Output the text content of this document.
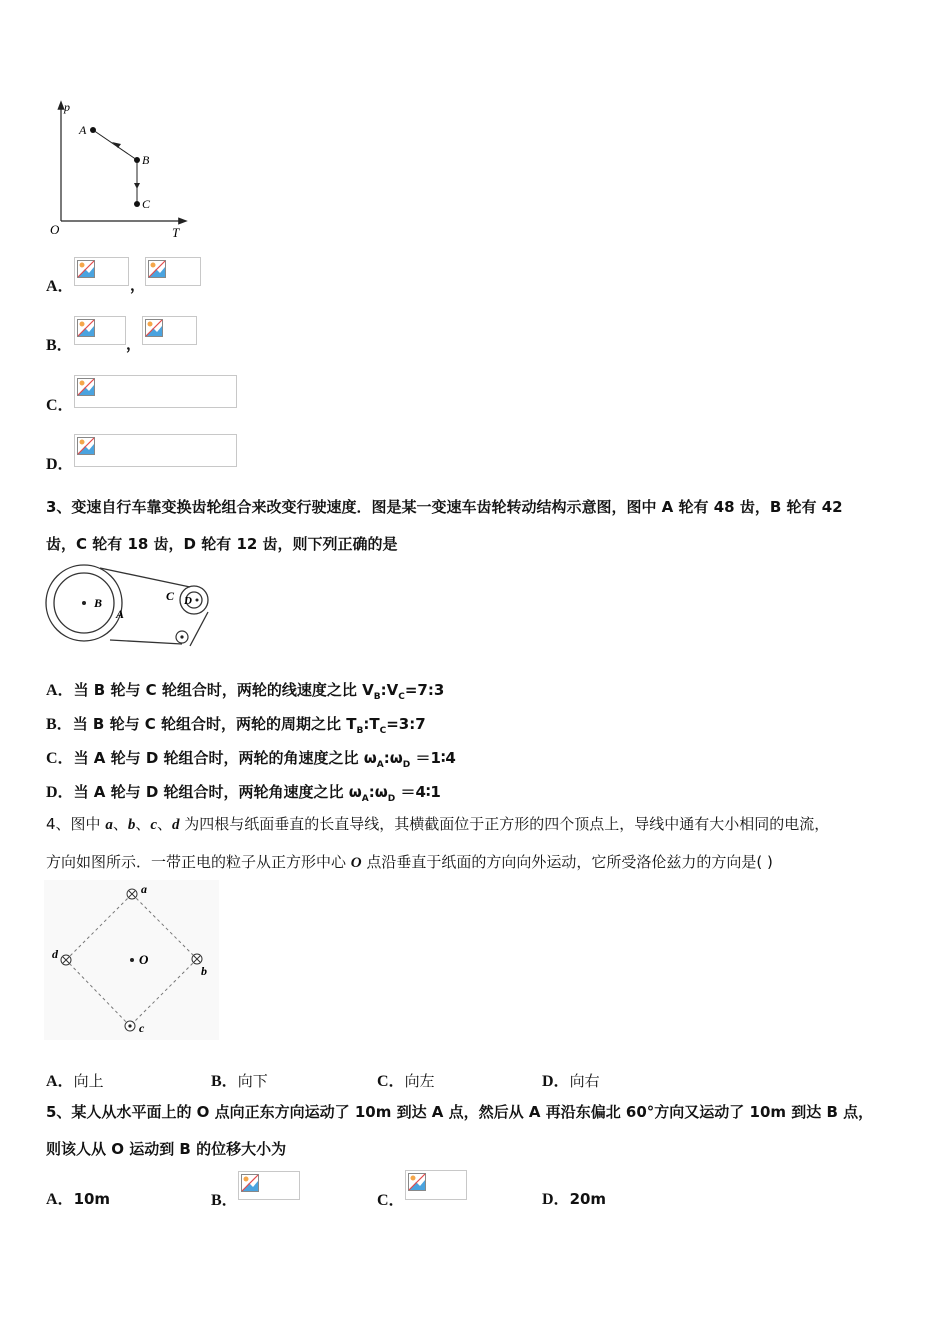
p
T
O
A
B
C
A．	，
B．	，
C．
D．
3、变速自行车靠变换齿轮组合来改变行驶速度．图是某一变速车齿轮转动结构示意图，图中 A 轮有 48 齿，B 轮有 42
齿，C 轮有 18 齿，D 轮有 12 齿，则下列正确的是
B
A
C D
A．当 B 轮与 C 轮组合时，两轮的线速度之比 $V_B:V_C=7:3$
B．当 B 轮与 C 轮组合时，两轮的周期之比 $T_B:T_C=3:7$
C．当 A 轮与 D 轮组合时，两轮的角速度之比 $\omega_A:\omega_D$ ＝1∶4
D．当 A 轮与 D 轮组合时，两轮角速度之比 $\omega_A:\omega_D$ ＝4∶1
4、图中 a、b、c、d 为四根与纸面垂直的长直导线，其横截面位于正方形的四个顶点上，导线中通有大小相同的电流，
方向如图所示．一带正电的粒子从正方形中心 O 点沿垂直于纸面的方向向外运动，它所受洛伦兹力的方向是( )
O
a
b
c
d
A．向上	B．向下	C．向左	D．向右
5、某人从水平面上的 O 点向正东方向运动了 10m 到达 A 点，然后从 A 再沿东偏北 60°方向又运动了 10m 到达 B 点，
则该人从 O 运动到 B 的位移大小为
A．10m	B．	C．	D．20m
